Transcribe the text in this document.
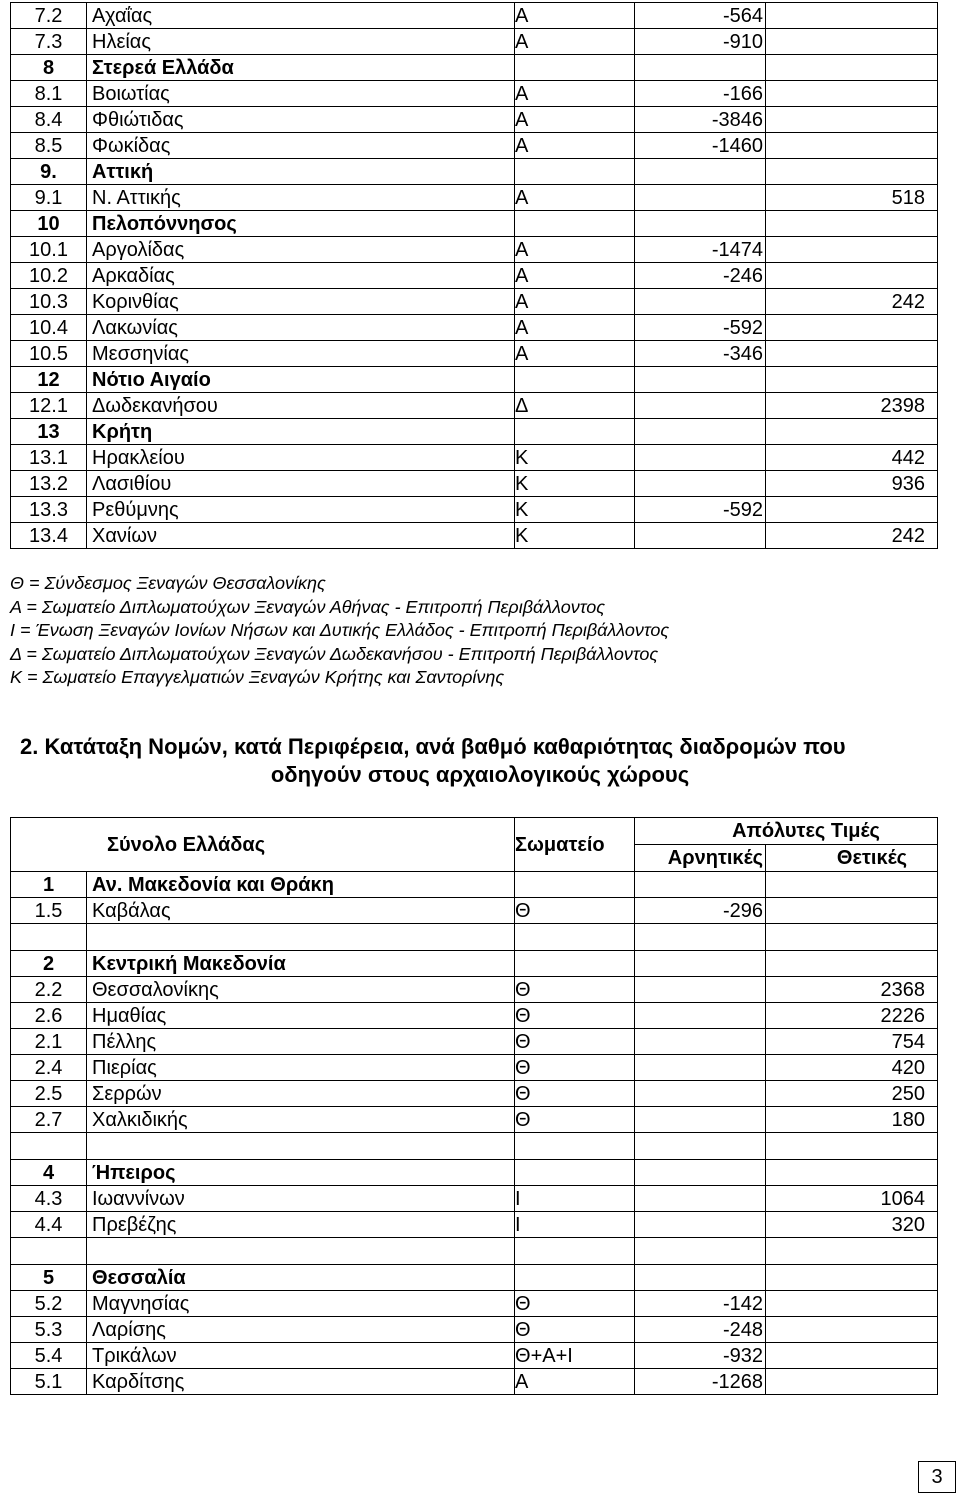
7.2	Αχαΐας	Α	-564	
7.3	Ηλείας	Α	-910	
8	Στερεά Ελλάδα			
8.1	Βοιωτίας	Α	-166	
8.4	Φθιώτιδας	Α	-3846	
8.5	Φωκίδας	Α	-1460	
9.	Αττική			
9.1	Ν. Αττικής	Α		518
10	Πελοπόννησος			
10.1	Αργολίδας	Α	-1474	
10.2	Αρκαδίας	Α	-246	
10.3	Κορινθίας	Α		242
10.4	Λακωνίας	Α	-592	
10.5	Μεσσηνίας	Α	-346	
12	Νότιο Αιγαίο			
12.1	Δωδεκανήσου	Δ		2398
13	Κρήτη			
13.1	Ηρακλείου	Κ		442
13.2	Λασιθίου	Κ		936
13.3	Ρεθύμνης	Κ	-592	
13.4	Χανίων	Κ		242
Θ = Σύνδεσμος Ξεναγών Θεσσαλονίκης
Α = Σωματείο Διπλωματούχων Ξεναγών Αθήνας - Επιτροπή Περιβάλλοντος
Ι = Ένωση Ξεναγών Ιονίων Νήσων και Δυτικής Ελλάδος - Επιτροπή Περιβάλλοντος
Δ = Σωματείο Διπλωματούχων Ξεναγών Δωδεκανήσου - Επιτροπή Περιβάλλοντος
Κ = Σωματείο Επαγγελματιών Ξεναγών Κρήτης και Σαντορίνης
2. Κατάταξη Νομών, κατά Περιφέρεια, ανά βαθμό καθαριότητας διαδρομών που
οδηγούν στους αρχαιολογικούς χώρους
Σύνολο Ελλάδας		Σωματείο	Απόλυτες Τιμές	
			Αρνητικές	Θετικές
1	Αν. Μακεδονία και Θράκη			
1.5	Καβάλας	Θ	-296	

2	Κεντρική Μακεδονία			
2.2	Θεσσαλονίκης	Θ		2368
2.6	Ημαθίας	Θ		2226
2.1	Πέλλης	Θ		754
2.4	Πιερίας	Θ		420
2.5	Σερρών	Θ		250
2.7	Χαλκιδικής	Θ		180

4	Ήπειρος			
4.3	Ιωαννίνων	Ι		1064
4.4	Πρεβέζης	Ι		320

5	Θεσσαλία			
5.2	Μαγνησίας	Θ	-142	
5.3	Λαρίσης	Θ	-248	
5.4	Τρικάλων	Θ+Α+Ι	-932	
5.1	Καρδίτσης	Α	-1268	
3
